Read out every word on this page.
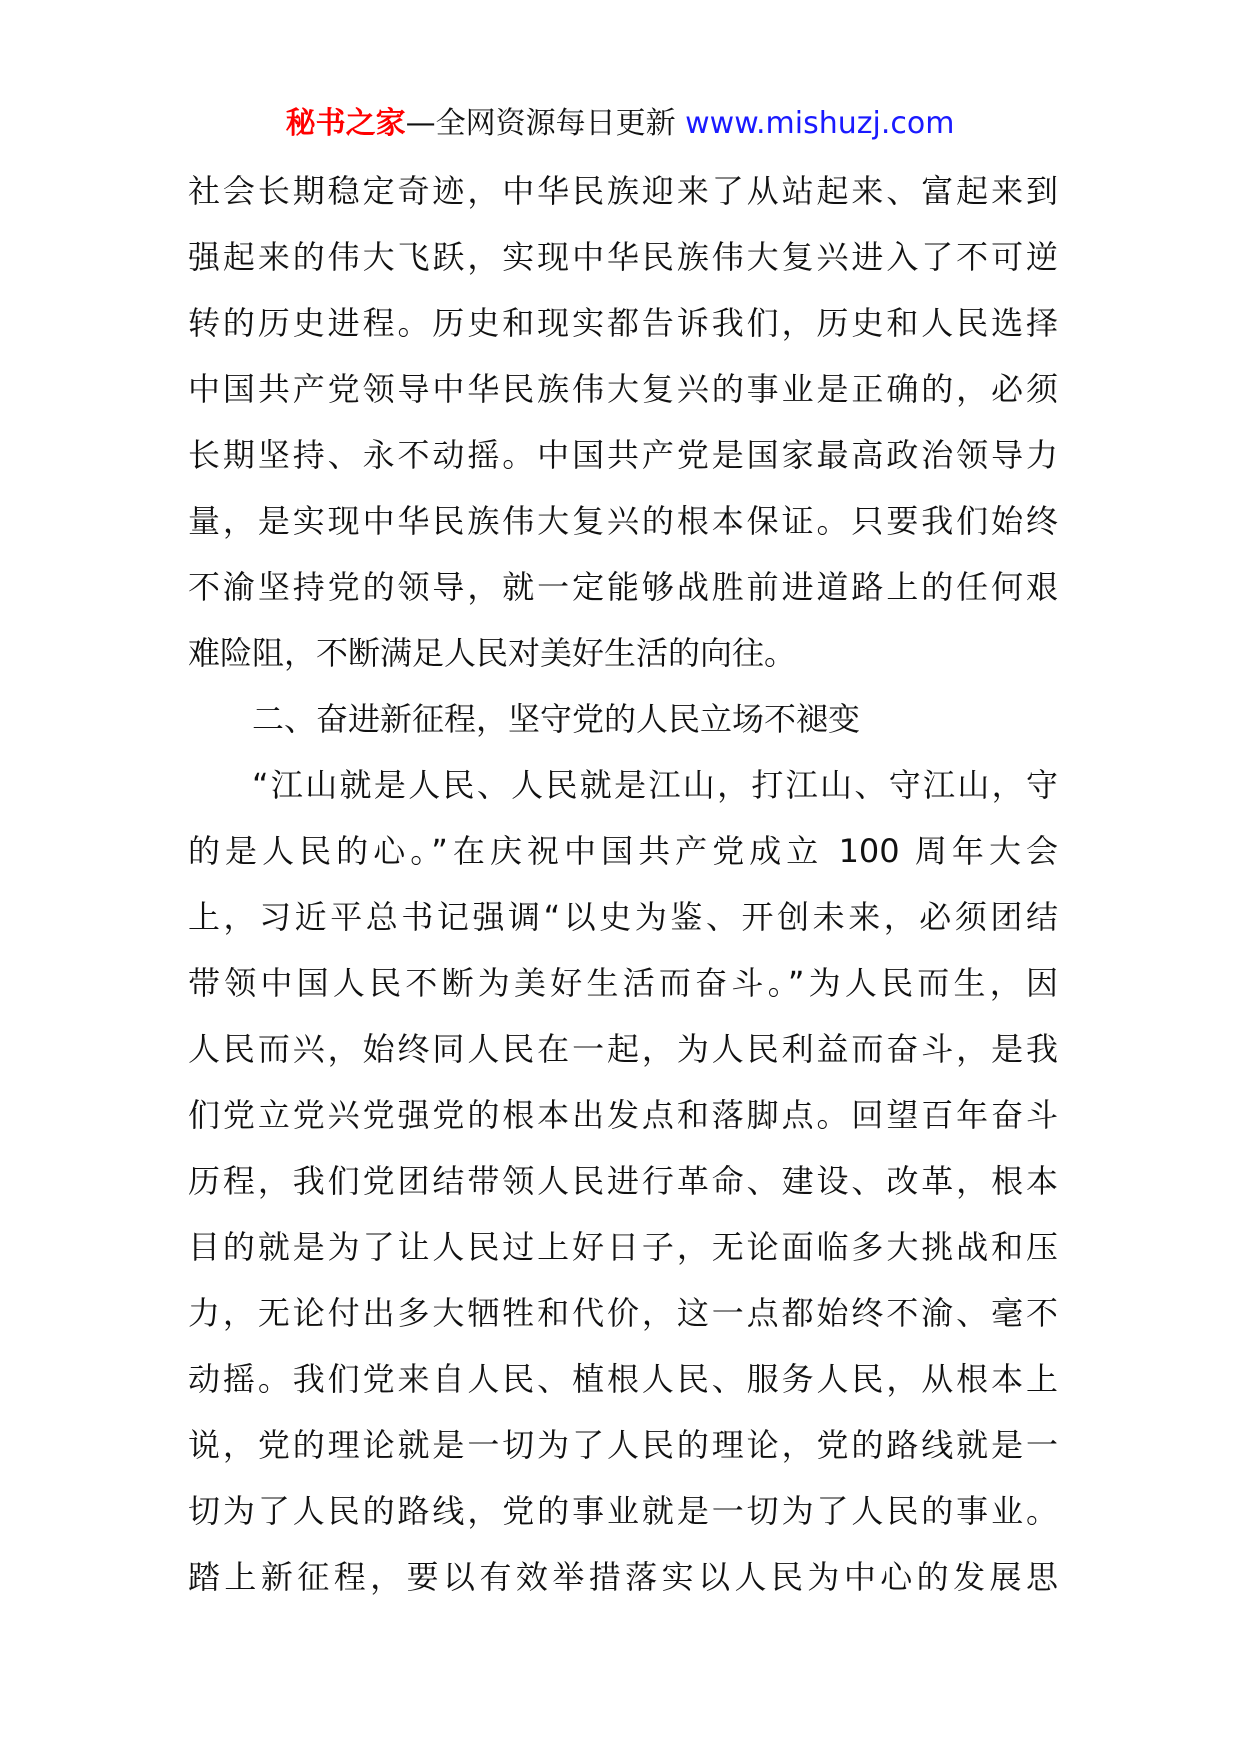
秘书之家—全网资源每日更新 www.mishuzj.com
社会长期稳定奇迹，中华民族迎来了从站起来、富起来到
强起来的伟大飞跃，实现中华民族伟大复兴进入了不可逆
转的历史进程。历史和现实都告诉我们，历史和人民选择
中国共产党领导中华民族伟大复兴的事业是正确的，必须
长期坚持、永不动摇。中国共产党是国家最高政治领导力
量，是实现中华民族伟大复兴的根本保证。只要我们始终
不渝坚持党的领导，就一定能够战胜前进道路上的任何艰
难险阻，不断满足人民对美好生活的向往。
二、奋进新征程，坚守党的人民立场不褪变
“江山就是人民、人民就是江山，打江山、守江山，守
的是人民的心。”在庆祝中国共产党成立 100 周年大会
上，习近平总书记强调“以史为鉴、开创未来，必须团结
带领中国人民不断为美好生活而奋斗。”为人民而生，因
人民而兴，始终同人民在一起，为人民利益而奋斗，是我
们党立党兴党强党的根本出发点和落脚点。回望百年奋斗
历程，我们党团结带领人民进行革命、建设、改革，根本
目的就是为了让人民过上好日子，无论面临多大挑战和压
力，无论付出多大牺牲和代价，这一点都始终不渝、毫不
动摇。我们党来自人民、植根人民、服务人民，从根本上
说，党的理论就是一切为了人民的理论，党的路线就是一
切为了人民的路线，党的事业就是一切为了人民的事业。
踏上新征程，要以有效举措落实以人民为中心的发展思
